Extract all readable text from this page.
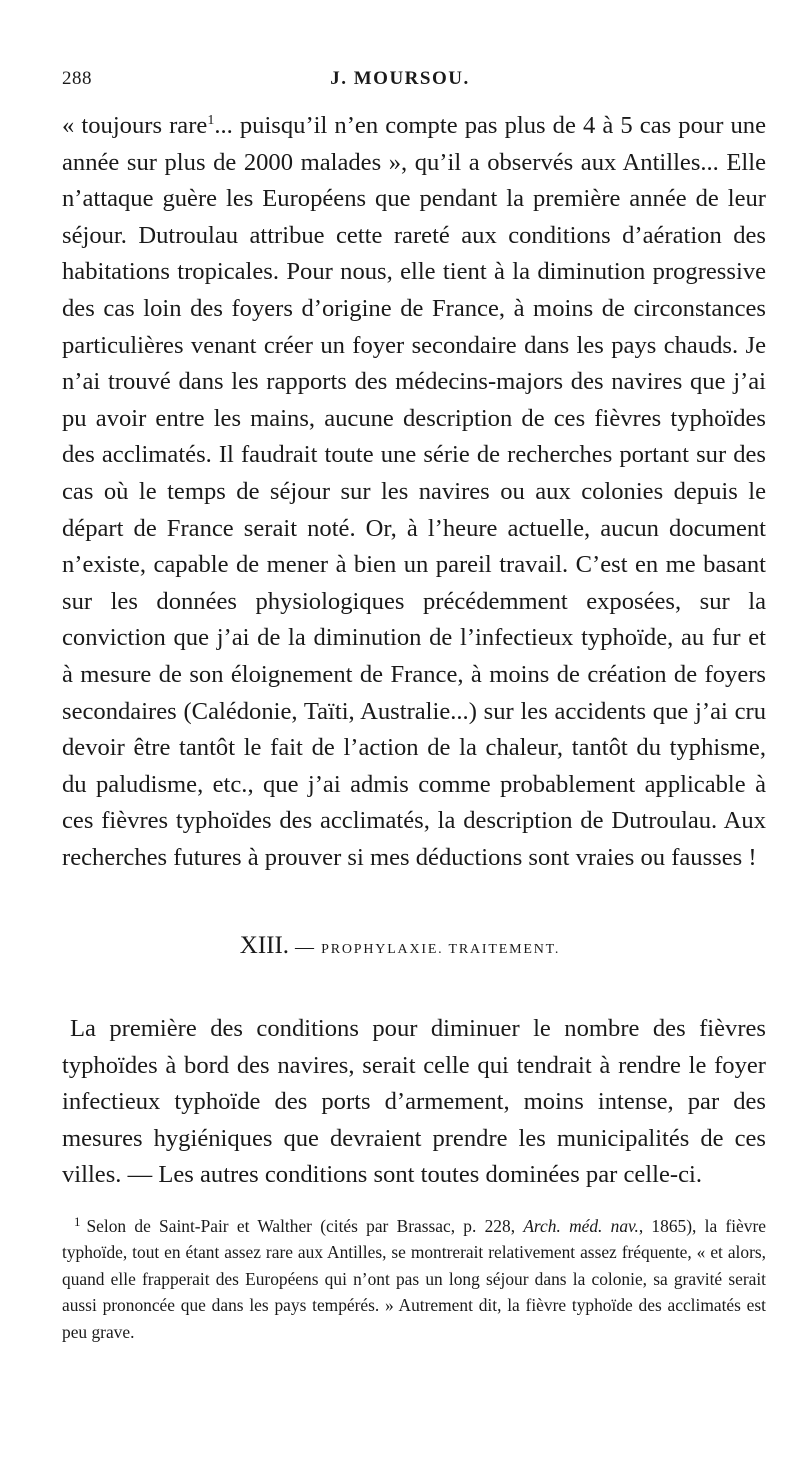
288	J. MOURSOU.

« toujours rare$^1$... puisqu’il n’en compte pas plus de 4 à 5 cas pour une année sur plus de 2000 malades », qu’il a observés aux Antilles... Elle n’attaque guère les Européens que pendant la première année de leur séjour. Dutroulau attribue cette rareté aux conditions d’aération des habitations tropicales. Pour nous, elle tient à la diminution progressive des cas loin des foyers d’origine de France, à moins de circonstances particulières venant créer un foyer secondaire dans les pays chauds. Je n’ai trouvé dans les rapports des médecins-majors des navires que j’ai pu avoir entre les mains, aucune description de ces fièvres typhoïdes des acclimatés. Il faudrait toute une série de recherches portant sur des cas où le temps de séjour sur les navires ou aux colonies depuis le départ de France serait noté. Or, à l’heure actuelle, aucun document n’existe, capable de mener à bien un pareil travail. C’est en me basant sur les données physiologiques précédemment exposées, sur la conviction que j’ai de la diminution de l’infectieux typhoïde, au fur et à mesure de son éloignement de France, à moins de création de foyers secondaires (Calédonie, Taïti, Australie...) sur les accidents que j’ai cru devoir être tantôt le fait de l’action de la chaleur, tantôt du typhisme, du paludisme, etc., que j’ai admis comme probablement applicable à ces fièvres typhoïdes des acclimatés, la description de Dutroulau. Aux recherches futures à prouver si mes déductions sont vraies ou fausses !

XIII. — PROPHYLAXIE. TRAITEMENT.

La première des conditions pour diminuer le nombre des fièvres typhoïdes à bord des navires, serait celle qui tendrait à rendre le foyer infectieux typhoïde des ports d’armement, moins intense, par des mesures hygiéniques que devraient prendre les municipalités de ces villes. — Les autres conditions sont toutes dominées par celle-ci.

$^1$ Selon de Saint-Pair et Walther (cités par Brassac, p. 228, Arch. méd. nav., 1865), la fièvre typhoïde, tout en étant assez rare aux Antilles, se montrerait relativement assez fréquente, « et alors, quand elle frapperait des Européens qui n’ont pas un long séjour dans la colonie, sa gravité serait aussi prononcée que dans les pays tempérés. » Autrement dit, la fièvre typhoïde des acclimatés est peu grave.
